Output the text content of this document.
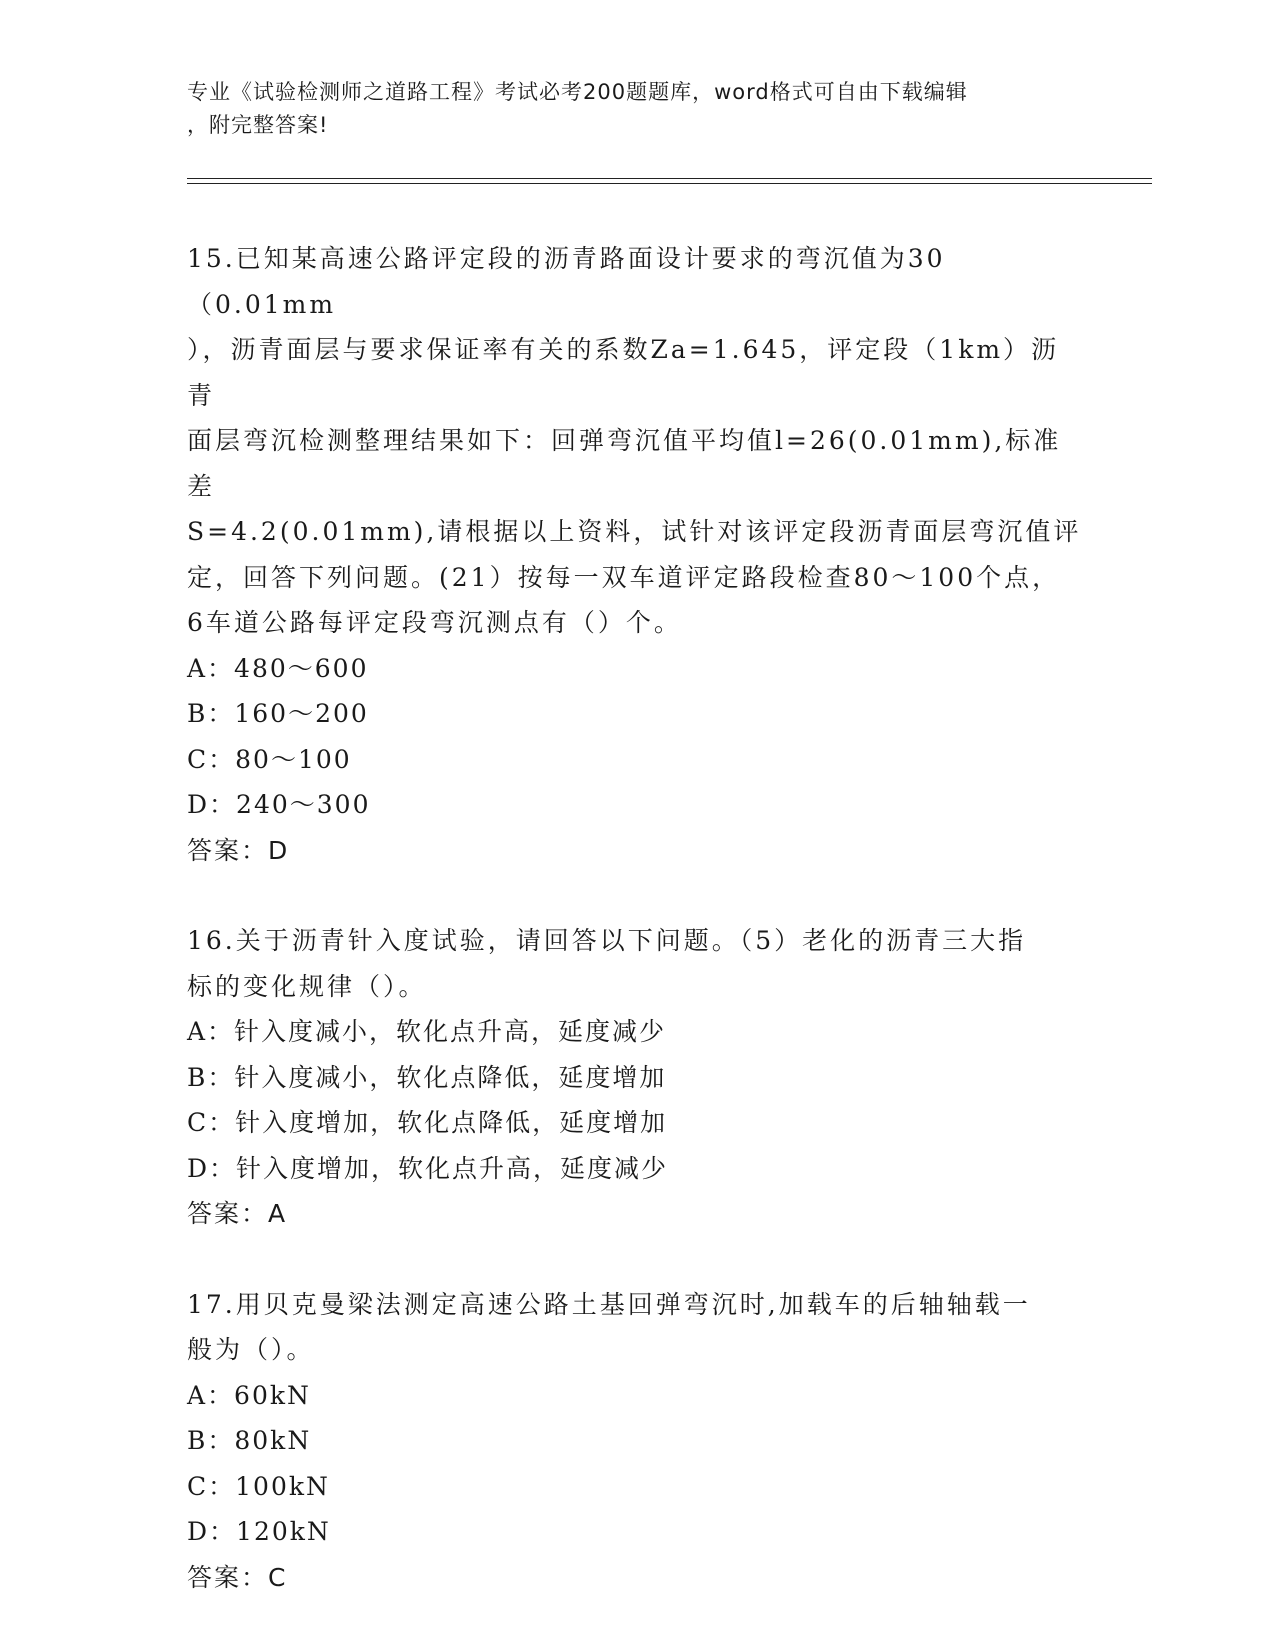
专业《试验检测师之道路工程》考试必考200题题库，word格式可自由下载编辑
，附完整答案!
15.已知某高速公路评定段的沥青路面设计要求的弯沉值为30（0.01mm
），沥青面层与要求保证率有关的系数Za=1.645，评定段（1km）沥青
面层弯沉检测整理结果如下：回弹弯沉值平均值l=26(0.01mm),标准差
S=4.2(0.01mm),请根据以上资料，试针对该评定段沥青面层弯沉值评
定，回答下列问题。(21）按每一双车道评定路段检查80～100个点，
6车道公路每评定段弯沉测点有（）个。
A：480～600
B：160～200
C：80～100
D：240～300
答案：D
16.关于沥青针入度试验，请回答以下问题。（5）老化的沥青三大指
标的变化规律（）。
A：针入度减小，软化点升高，延度减少
B：针入度减小，软化点降低，延度增加
C：针入度增加，软化点降低，延度增加
D：针入度增加，软化点升高，延度减少
答案：A
17.用贝克曼梁法测定高速公路土基回弹弯沉时,加载车的后轴轴载一
般为（）。
A：60kN
B：80kN
C：100kN
D：120kN
答案：C
